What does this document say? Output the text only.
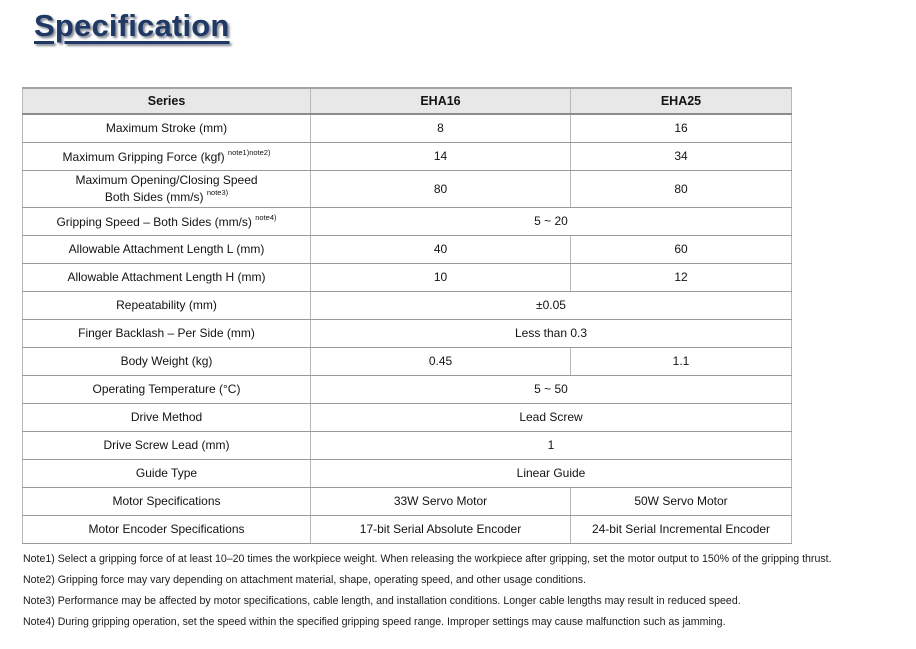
Specification
Series	EHA16	EHA25
Maximum Stroke (mm)	8	16
Maximum Gripping Force (kgf) $^{note1)note2)}$	14	34
Maximum Opening/Closing Speed
Both Sides (mm/s) $^{note3)}$	80	80
Gripping Speed – Both Sides (mm/s) $^{note4)}$	5 ~ 20	
Allowable Attachment Length L (mm)	40	60
Allowable Attachment Length H (mm)	10	12
Repeatability (mm)	±0.05	
Finger Backlash – Per Side (mm)	Less than 0.3	
Body Weight (kg)	0.45	1.1
Operating Temperature (°C)	5 ~ 50	
Drive Method	Lead Screw	
Drive Screw Lead (mm)	1	
Guide Type	Linear Guide	
Motor Specifications	33W Servo Motor	50W Servo Motor
Motor Encoder Specifications	17-bit Serial Absolute Encoder	24-bit Serial Incremental Encoder
Note1) Select a gripping force of at least 10–20 times the workpiece weight. When releasing the workpiece after gripping, set the motor output to 150% of the gripping thrust.
Note2) Gripping force may vary depending on attachment material, shape, operating speed, and other usage conditions.
Note3) Performance may be affected by motor specifications, cable length, and installation conditions. Longer cable lengths may result in reduced speed.
Note4) During gripping operation, set the speed within the specified gripping speed range. Improper settings may cause malfunction such as jamming.
